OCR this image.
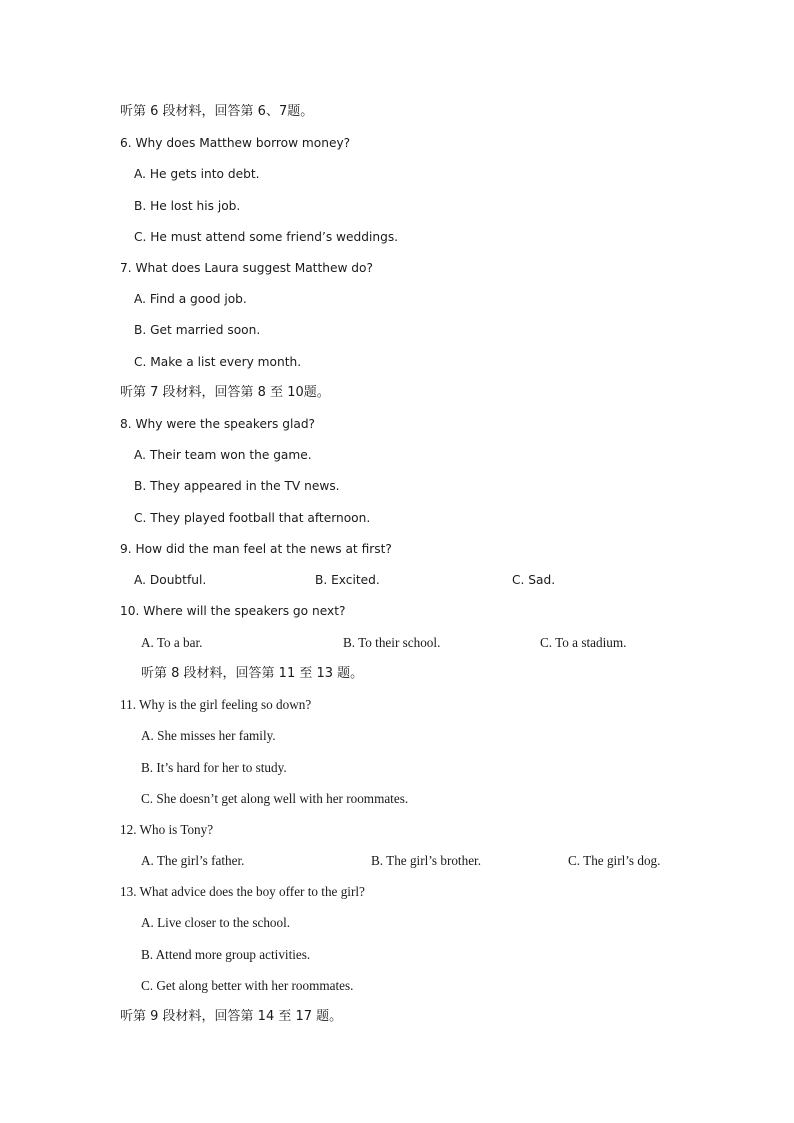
听第 6 段材料，回答第 6、7题。
6. Why does Matthew borrow money?
A. He gets into debt.
B. He lost his job.
C. He must attend some friend’s weddings.
7. What does Laura suggest Matthew do?
A. Find a good job.
B. Get married soon.
C. Make a list every month.
听第 7 段材料，回答第 8 至 10题。
8. Why were the speakers glad?
A. Their team won the game.
B. They appeared in the TV news.
C. They played football that afternoon.
9. How did the man feel at the news at first?
A. Doubtful.	B. Excited.	C. Sad.
10. Where will the speakers go next?
A. To a bar.	B. To their school.	C. To a stadium.
听第 8 段材料，回答第 11 至 13 题。
11. Why is the girl feeling so down?
A. She misses her family.
B. It’s hard for her to study.
C. She doesn’t get along well with her roommates.
12. Who is Tony?
A. The girl’s father.	B. The girl’s brother.	C. The girl’s dog.
13. What advice does the boy offer to the girl?
A. Live closer to the school.
B. Attend more group activities.
C. Get along better with her roommates.
听第 9 段材料，回答第 14 至 17 题。
